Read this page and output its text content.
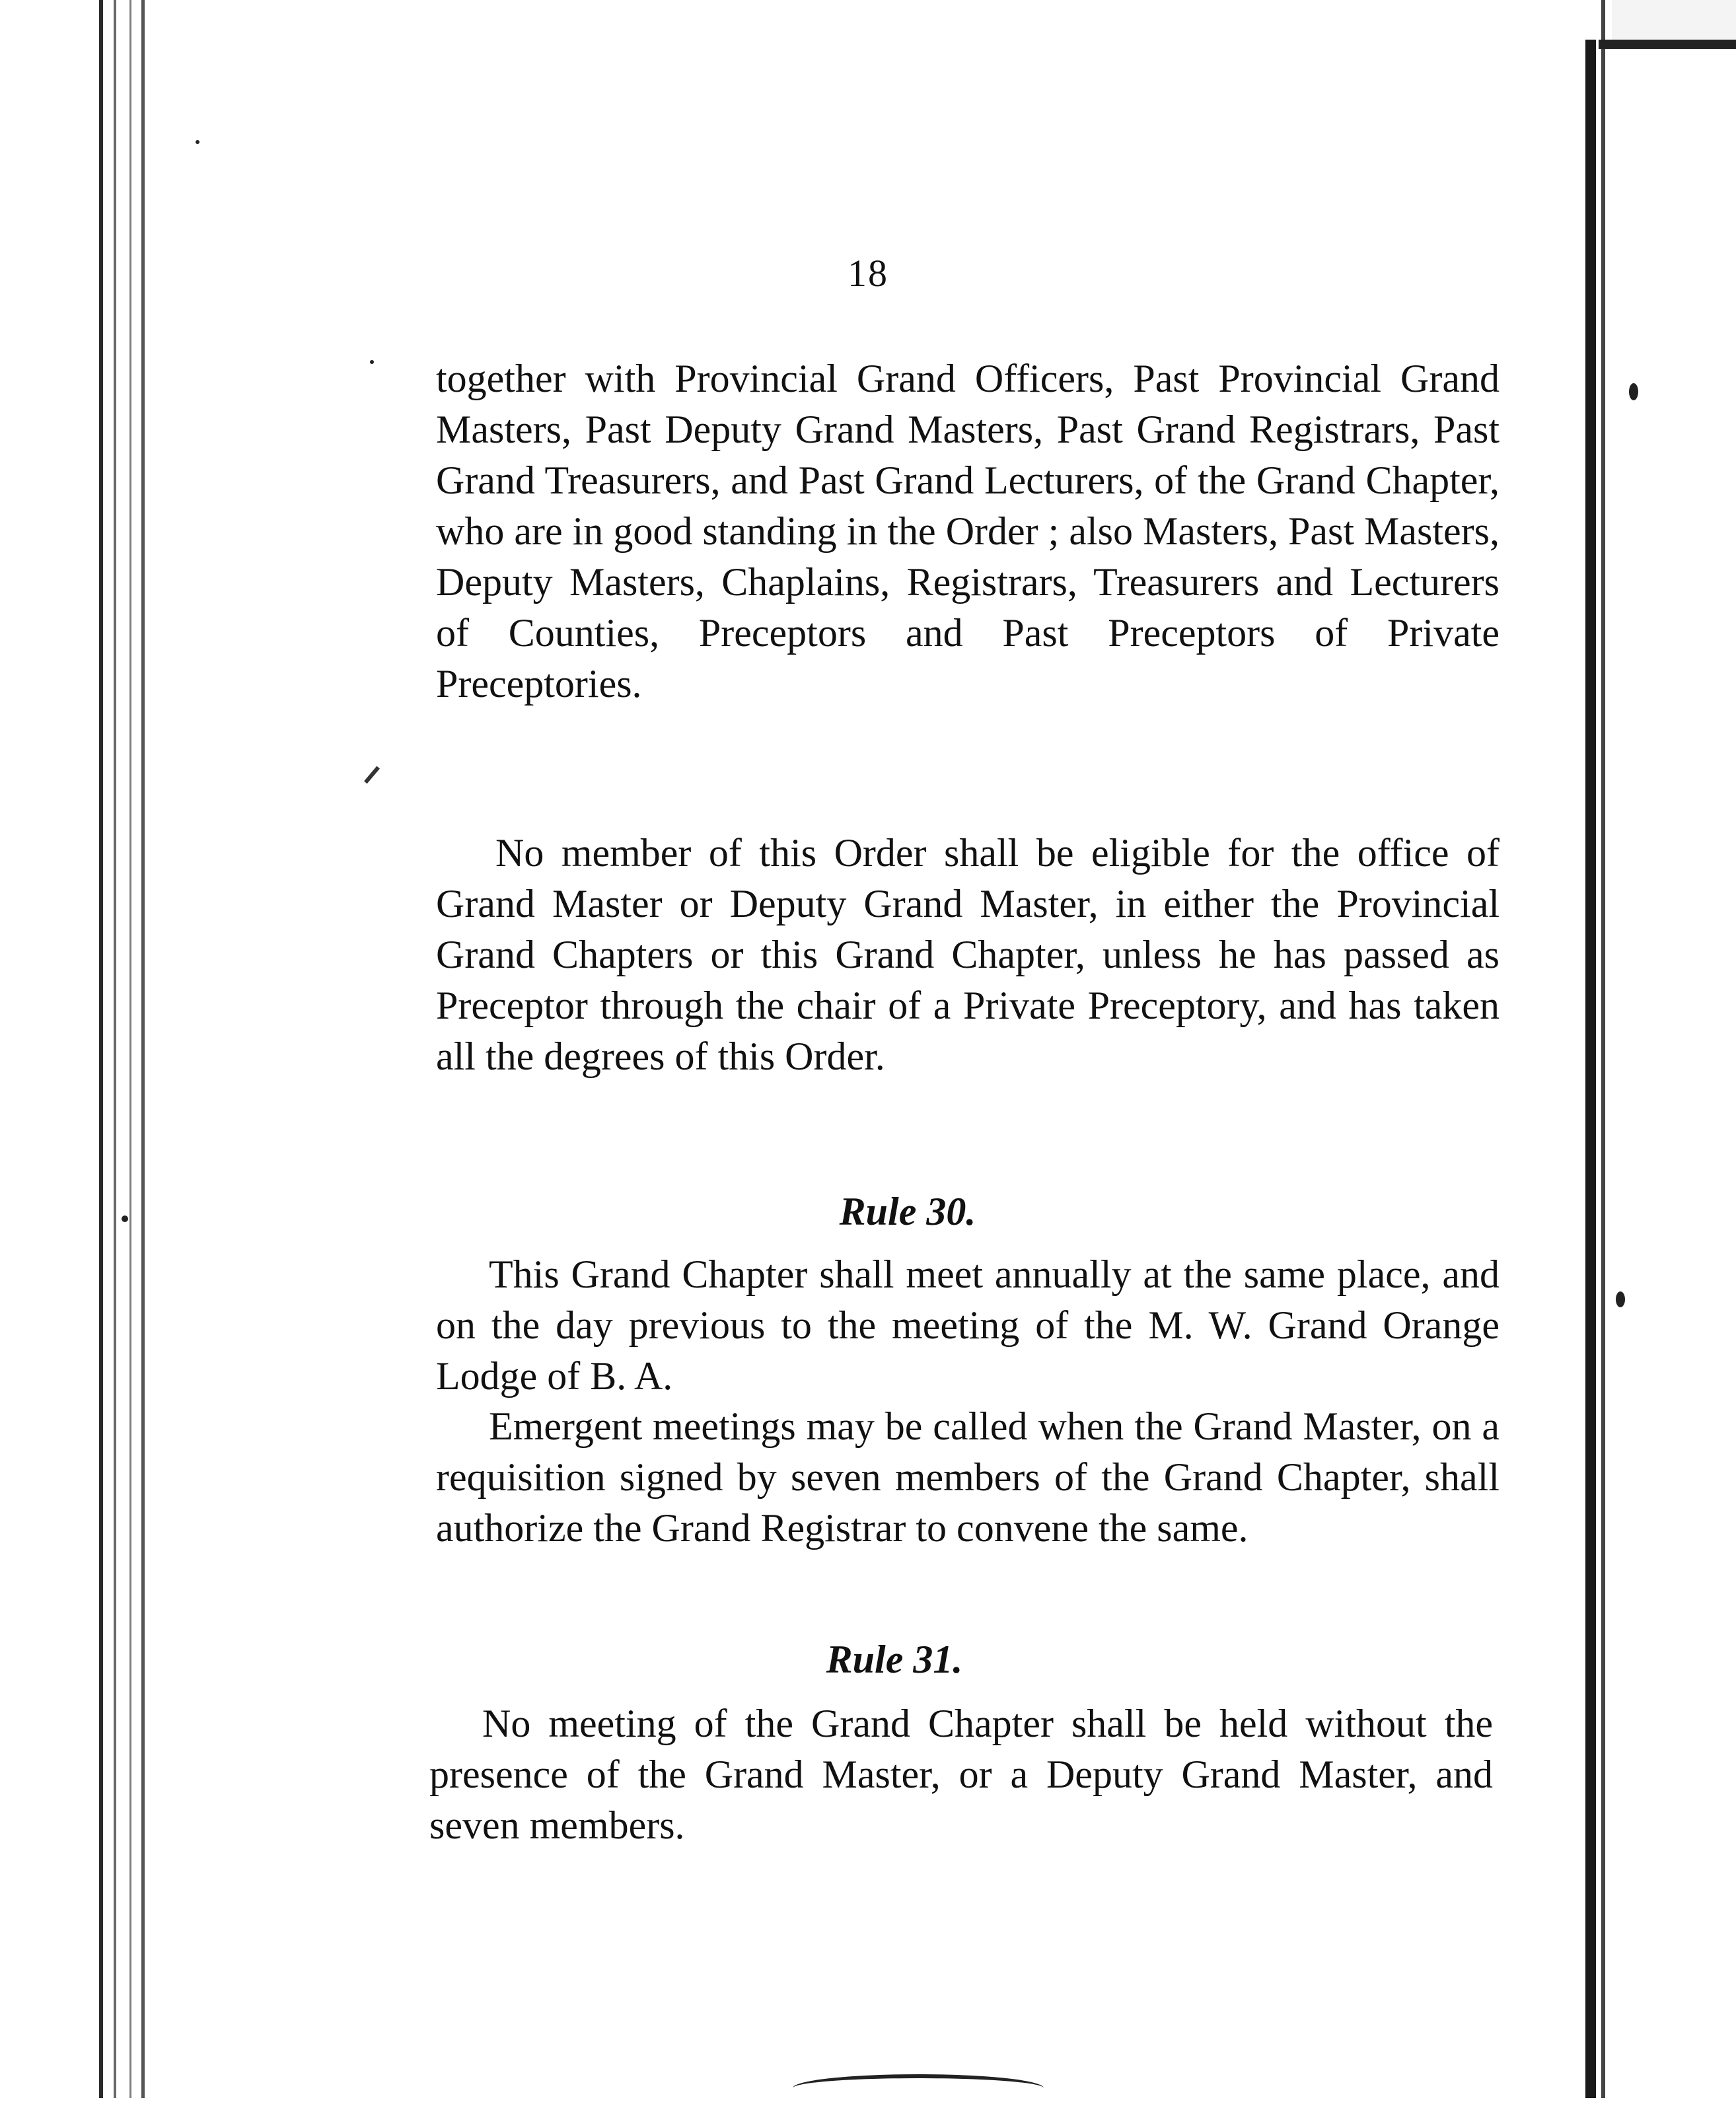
18
together with Provincial Grand Officers, Past Provincial Grand Masters, Past Deputy Grand Masters, Past Grand Registrars, Past Grand Treasurers, and Past Grand Lecturers, of the Grand Chapter, who are in good standing in the Order ; also Masters, Past Masters, Deputy Masters, Chaplains, Registrars, Treasurers and Lecturers of Counties, Preceptors and Past Preceptors of Private Preceptories.
No member of this Order shall be eligible for the office of Grand Master or Deputy Grand Master, in either the Provincial Grand Chapters or this Grand Chapter, unless he has passed as Preceptor through the chair of a Private Preceptory, and has taken all the degrees of this Order.
Rule 30.
This Grand Chapter shall meet annually at the same place, and on the day previous to the meeting of the M. W. Grand Orange Lodge of B. A.
Emergent meetings may be called when the Grand Master, on a requisition signed by seven members of the Grand Chapter, shall authorize the Grand Registrar to convene the same.
Rule 31.
No meeting of the Grand Chapter shall be held without the presence of the Grand Master, or a Deputy Grand Master, and seven members.
